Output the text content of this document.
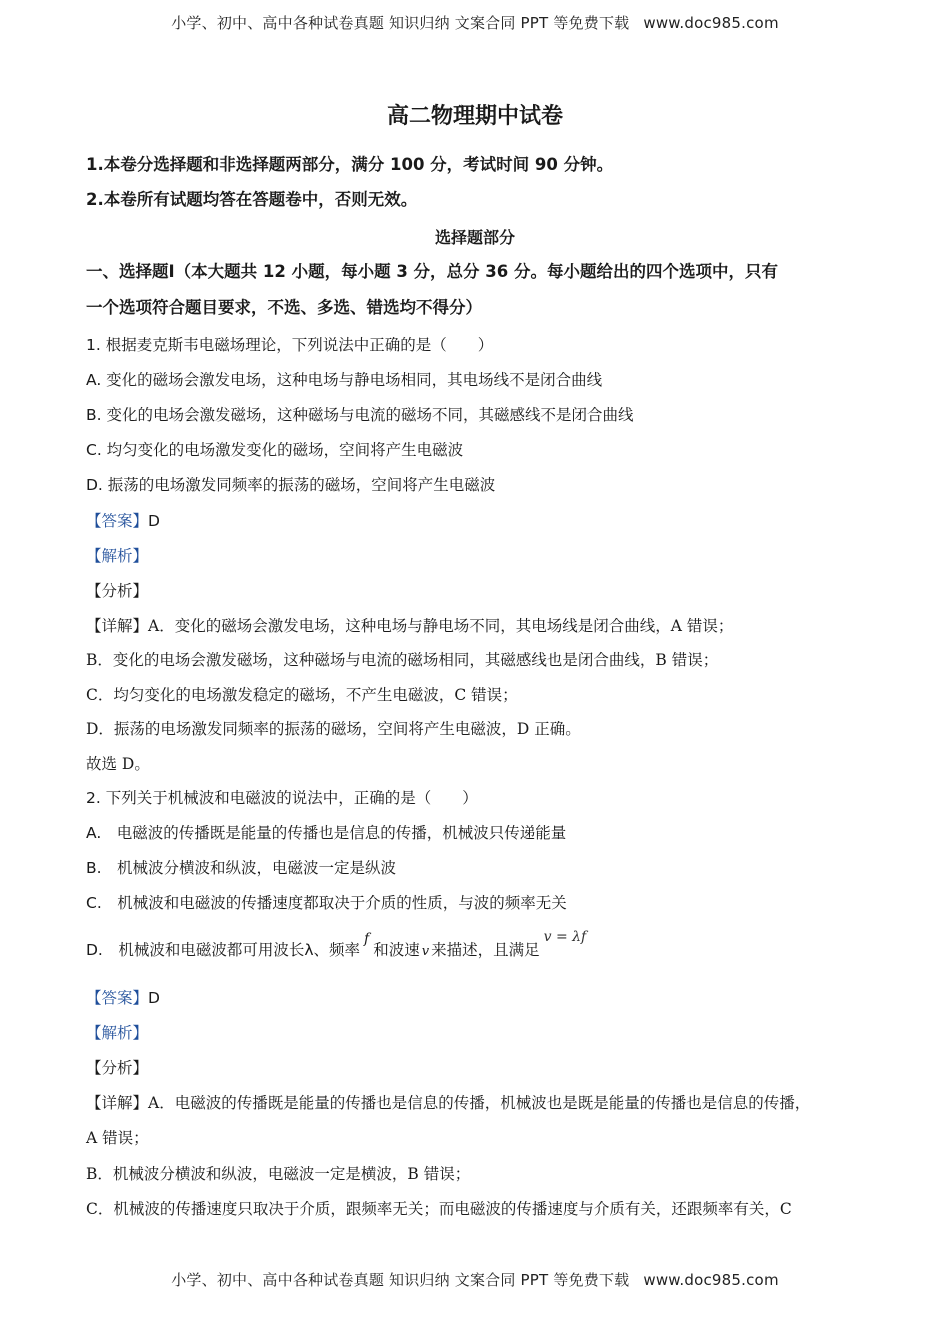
小学、初中、高中各种试卷真题 知识归纳 文案合同 PPT 等免费下载 www.doc985.com
高二物理期中试卷
1.本卷分选择题和非选择题两部分，满分 100 分，考试时间 90 分钟。
2.本卷所有试题均答在答题卷中，否则无效。
选择题部分
一、选择题I（本大题共 12 小题，每小题 3 分，总分 36 分。每小题给出的四个选项中，只有
一个选项符合题目要求，不选、多选、错选均不得分）
1. 根据麦克斯韦电磁场理论，下列说法中正确的是（　　）
A. 变化的磁场会激发电场，这种电场与静电场相同，其电场线不是闭合曲线
B. 变化的电场会激发磁场，这种磁场与电流的磁场不同，其磁感线不是闭合曲线
C. 均匀变化的电场激发变化的磁场，空间将产生电磁波
D. 振荡的电场激发同频率的振荡的磁场，空间将产生电磁波
【答案】D
【解析】
【分析】
【详解】A．变化的磁场会激发电场，这种电场与静电场不同，其电场线是闭合曲线，A 错误；
B．变化的电场会激发磁场，这种磁场与电流的磁场相同，其磁感线也是闭合曲线，B 错误；
C．均匀变化的电场激发稳定的磁场，不产生电磁波，C 错误；
D．振荡的电场激发同频率的振荡的磁场，空间将产生电磁波，D 正确。
故选 D。
2. 下列关于机械波和电磁波的说法中，正确的是（　　）
A.　电磁波的传播既是能量的传播也是信息的传播，机械波只传递能量
B.　机械波分横波和纵波，电磁波一定是纵波
C.　机械波和电磁波的传播速度都取决于介质的性质，与波的频率无关
D.　机械波和电磁波都可用波长λ、频率f和波速 v 来描述，且满足v = λf
【答案】D
【解析】
【分析】
【详解】A．电磁波的传播既是能量的传播也是信息的传播，机械波也是既是能量的传播也是信息的传播，
A 错误；
B．机械波分横波和纵波，电磁波一定是横波，B 错误；
C．机械波的传播速度只取决于介质，跟频率无关；而电磁波的传播速度与介质有关，还跟频率有关，C
小学、初中、高中各种试卷真题 知识归纳 文案合同 PPT 等免费下载 www.doc985.com
